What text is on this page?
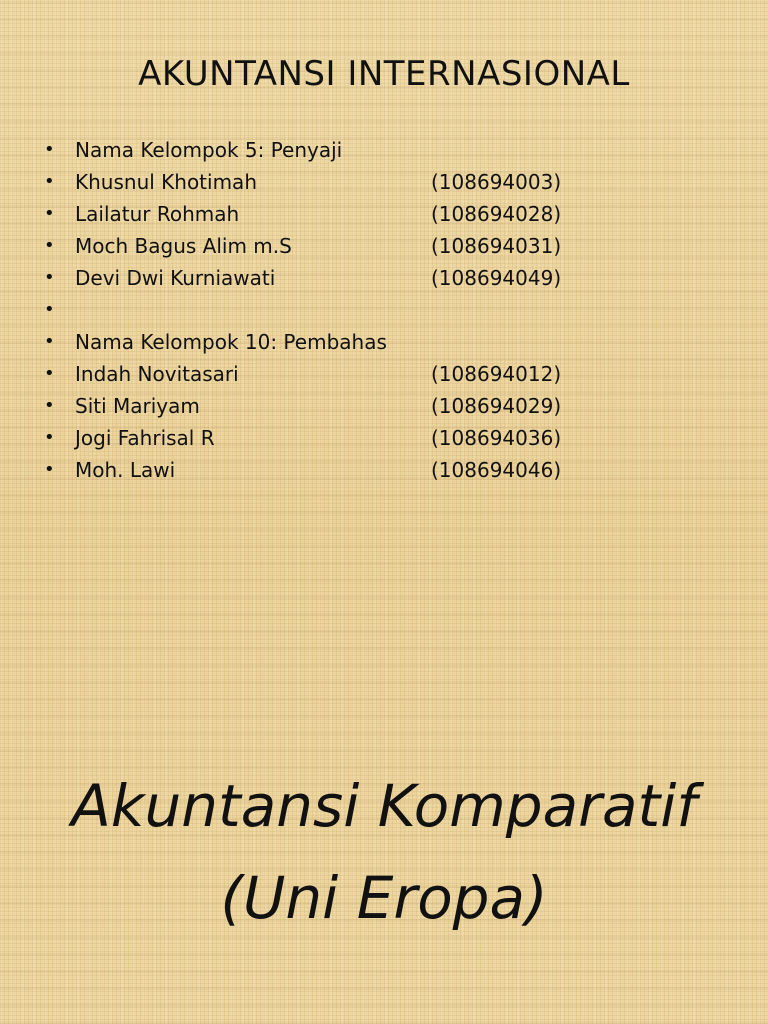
AKUNTANSI INTERNASIONAL
•	Nama Kelompok 5: Penyaji
•	Khusnul Khotimah	(108694003)
•	Lailatur Rohmah	(108694028)
•	Moch Bagus Alim m.S	(108694031)
•	Devi Dwi Kurniawati	(108694049)
•
•	Nama Kelompok 10: Pembahas
•	Indah Novitasari	(108694012)
•	Siti Mariyam	(108694029)
•	Jogi Fahrisal R	(108694036)
•	Moh. Lawi	(108694046)
Akuntansi Komparatif
(Uni Eropa)
